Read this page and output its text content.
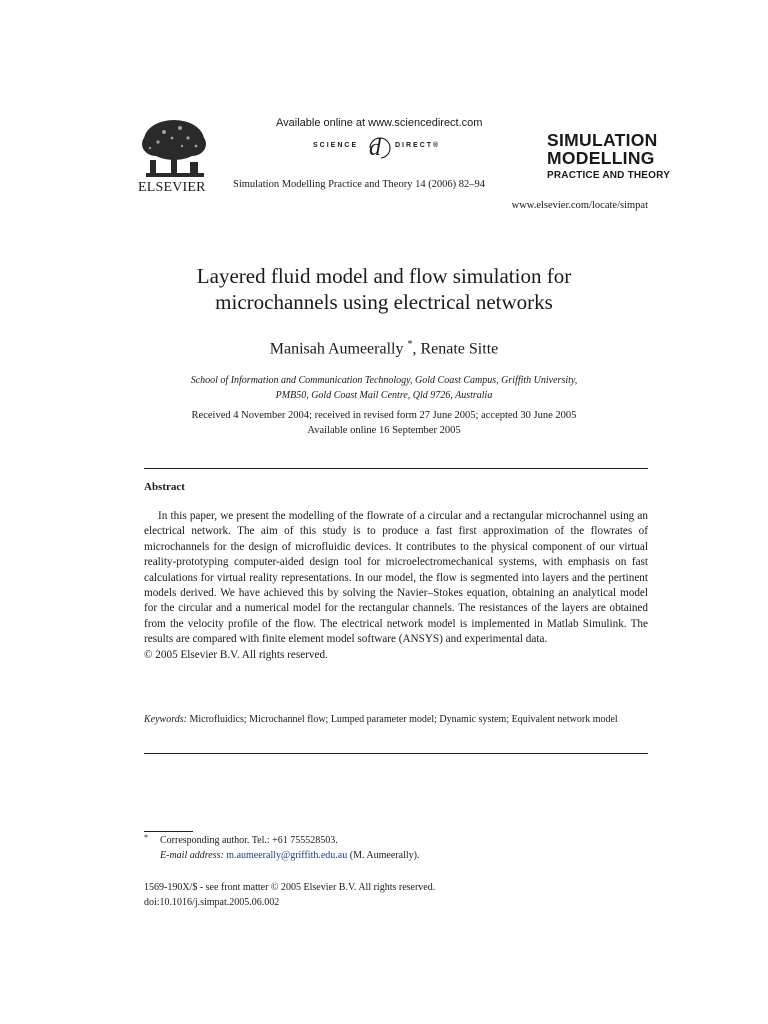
ELSEVIER
Available online at www.sciencedirect.com
SCIENCE d DIRECT®
Simulation Modelling Practice and Theory 14 (2006) 82–94
SIMULATION
MODELLING
PRACTICE AND THEORY
www.elsevier.com/locate/simpat
Layered fluid model and flow simulation for
microchannels using electrical networks
Manisah Aumeerally *, Renate Sitte
School of Information and Communication Technology, Gold Coast Campus, Griffith University,
PMB50, Gold Coast Mail Centre, Qld 9726, Australia
Received 4 November 2004; received in revised form 27 June 2005; accepted 30 June 2005
Available online 16 September 2005
Abstract

In this paper, we present the modelling of the flowrate of a circular and a rectangular microchannel using an electrical network. The aim of this study is to produce a fast first approximation of the flowrates of microchannels for the design of microfluidic devices. It contributes to the physical component of our virtual reality-prototyping computer-aided design tool for microelectromechanical systems, with emphasis on fast calculations for virtual reality representations. In our model, the flow is segmented into layers and the pertinent models derived. We have achieved this by solving the Navier–Stokes equation, obtaining an analytical model for the circular and a numerical model for the rectangular channels. The resistances of the layers are obtained from the velocity profile of the flow. The electrical network model is implemented in Matlab Simulink. The results are compared with finite element model software (ANSYS) and experimental data.

© 2005 Elsevier B.V. All rights reserved.

Keywords: Microfluidics; Microchannel flow; Lumped parameter model; Dynamic system; Equivalent network model
* Corresponding author. Tel.: +61 755528503.
E-mail address: m.aumeerally@griffith.edu.au (M. Aumeerally).
1569-190X/$ - see front matter © 2005 Elsevier B.V. All rights reserved.
doi:10.1016/j.simpat.2005.06.002
